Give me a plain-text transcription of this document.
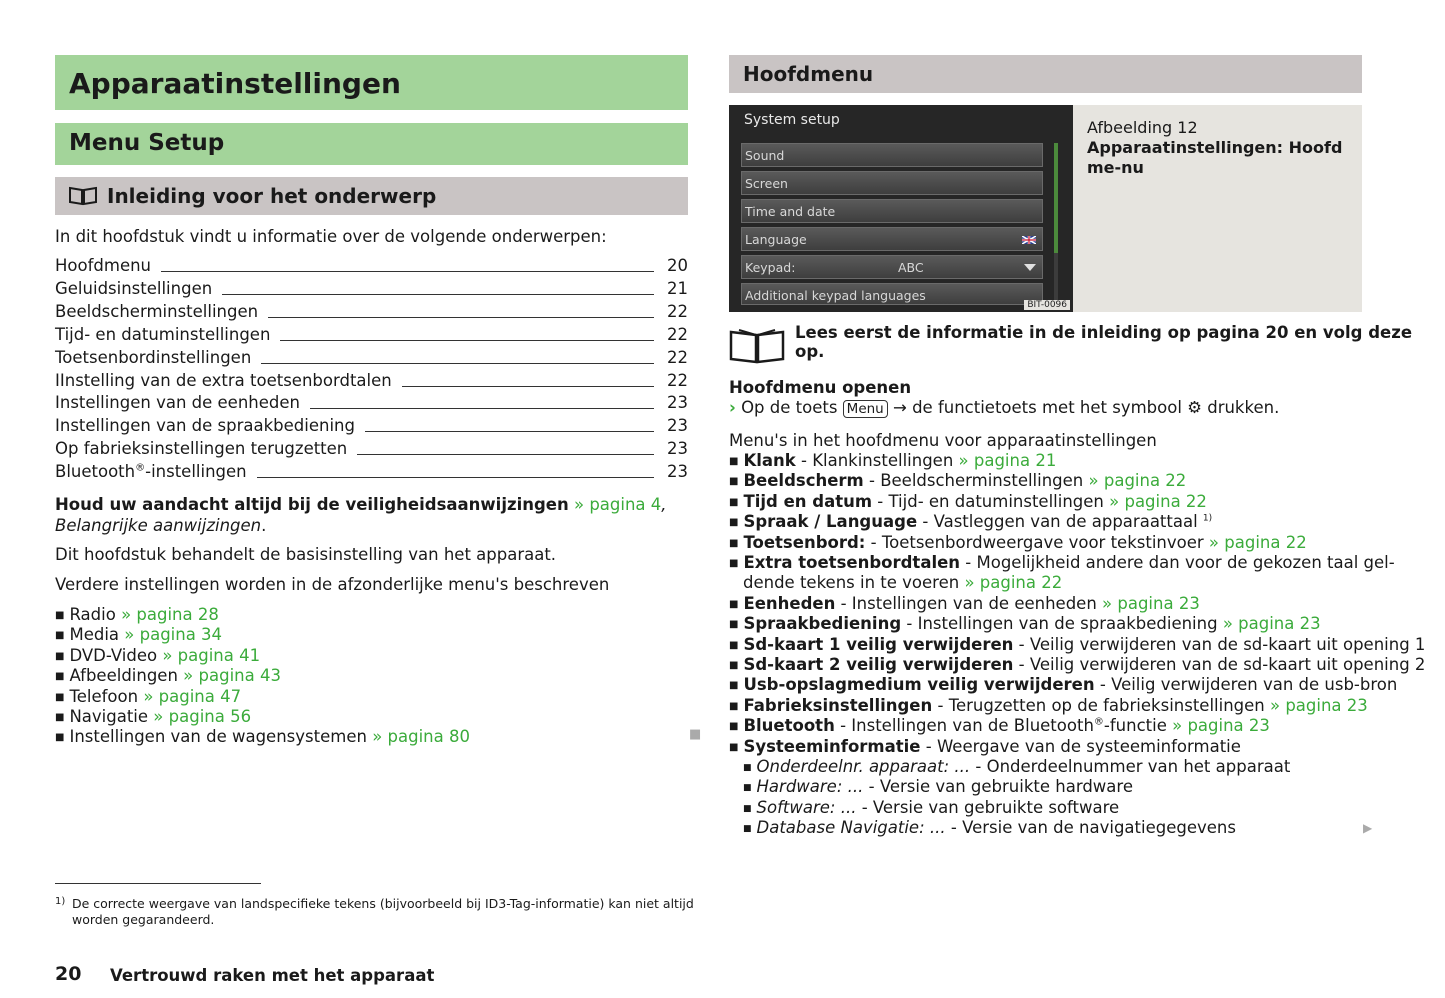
Apparaatinstellingen
Menu Setup
Inleiding voor het onderwerp
In dit hoofdstuk vindt u informatie over de volgende onderwerpen:
Hoofdmenu	20
Geluidsinstellingen	21
Beeldscherminstellingen	22
Tijd- en datuminstellingen	22
Toetsenbordinstellingen	22
IInstelling van de extra toetsenbordtalen	22
Instellingen van de eenheden	23
Instellingen van de spraakbediening	23
Op fabrieksinstellingen terugzetten	23
Bluetooth®-instellingen	23
Houd uw aandacht altijd bij de veiligheidsaanwijzingen » pagina 4, Belangrijke aanwijzingen.
Dit hoofdstuk behandelt de basisinstelling van het apparaat.
Verdere instellingen worden in de afzonderlijke menu's beschreven
■ Radio » pagina 28
■ Media » pagina 34
■ DVD-Video » pagina 41
■ Afbeeldingen » pagina 43
■ Telefoon » pagina 47
■ Navigatie » pagina 56
■ Instellingen van de wagensystemen » pagina 80	■
Hoofdmenu
System setup
Sound
Screen
Time and date
Language
Keypad:	ABC
Additional keypad languages
BIT-0096
Afbeelding 12
Apparaatinstellingen: Hoofdme-nu
Lees eerst de informatie in de inleiding op pagina 20 en volg deze op.
Hoofdmenu openen
› Op de toets Menu → de functietoets met het symbool ⚙ drukken.
Menu's in het hoofdmenu voor apparaatinstellingen
■ Klank - Klankinstellingen » pagina 21
■ Beeldscherm - Beeldscherminstellingen » pagina 22
■ Tijd en datum - Tijd- en datuminstellingen » pagina 22
■ Spraak / Language - Vastleggen van de apparaattaal $^{1)}$
■ Toetsenbord: - Toetsenbordweergave voor tekstinvoer » pagina 22
■ Extra toetsenbordtalen - Mogelijkheid andere dan voor de gekozen taal gel-
dende tekens in te voeren » pagina 22
■ Eenheden - Instellingen van de eenheden » pagina 23
■ Spraakbediening - Instellingen van de spraakbediening » pagina 23
■ Sd-kaart 1 veilig verwijderen - Veilig verwijderen van de sd-kaart uit opening 1
■ Sd-kaart 2 veilig verwijderen - Veilig verwijderen van de sd-kaart uit opening 2
■ Usb-opslagmedium veilig verwijderen - Veilig verwijderen van de usb-bron
■ Fabrieksinstellingen - Terugzetten op de fabrieksinstellingen » pagina 23
■ Bluetooth - Instellingen van de Bluetooth®-functie » pagina 23
■ Systeeminformatie - Weergave van de systeeminformatie
■ Onderdeelnr. apparaat: ... - Onderdeelnummer van het apparaat
■ Hardware: ... - Versie van gebruikte hardware
■ Software: ... - Versie van gebruikte software
■ Database Navigatie: ... - Versie van de navigatiegegevens	▶
1) De correcte weergave van landspecifieke tekens (bijvoorbeeld bij ID3-Tag-informatie) kan niet altijd
worden gegarandeerd.
20 Vertrouwd raken met het apparaat
